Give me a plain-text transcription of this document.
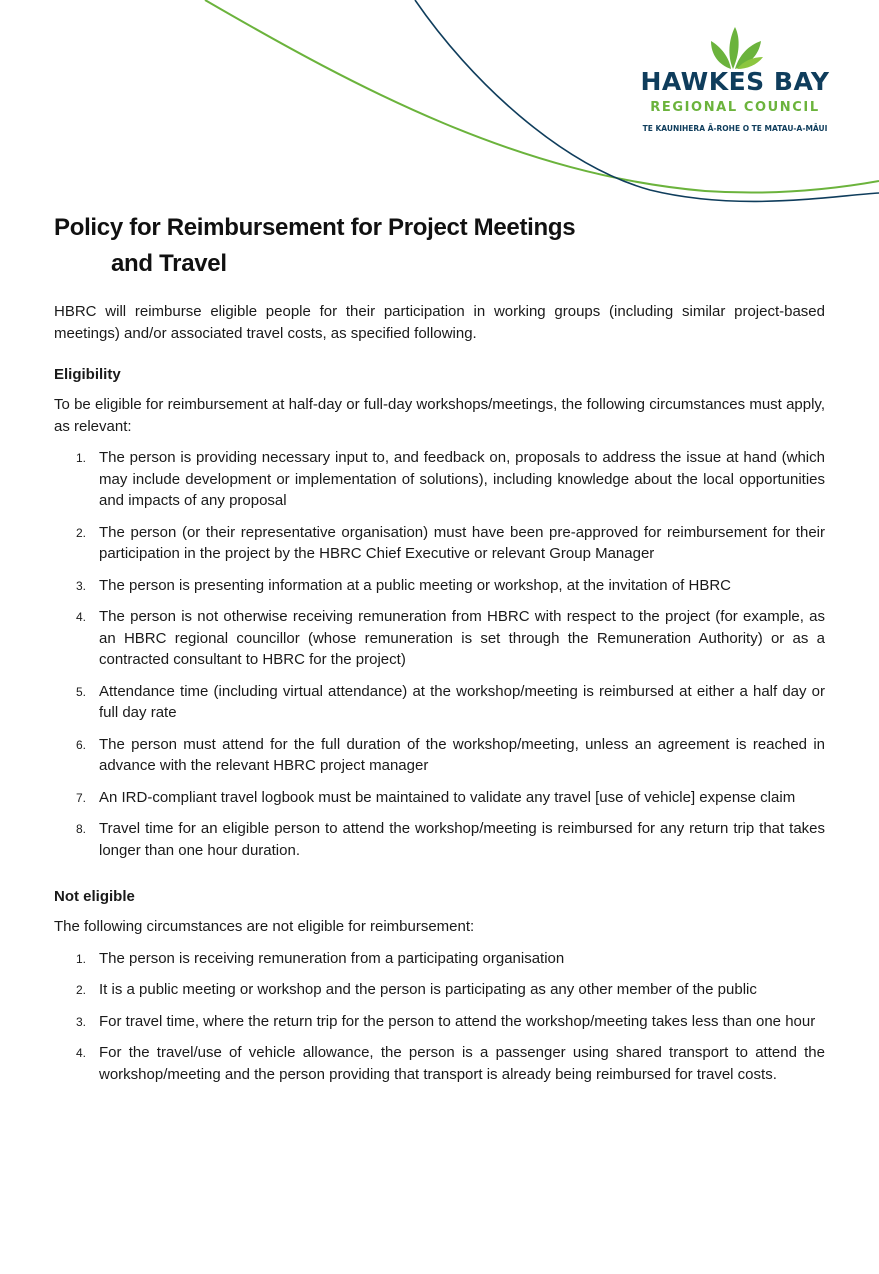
HAWKES BAY
REGIONAL COUNCIL
TE KAUNIHERA Ā-ROHE O TE MATAU-A-MĀUI
Policy for Reimbursement for Project Meetings
and Travel

HBRC will reimburse eligible people for their participation in working groups (including similar project-based meetings) and/or associated travel costs, as specified following.

Eligibility

To be eligible for reimbursement at half-day or full-day workshops/meetings, the following circumstances must apply, as relevant:

1. The person is providing necessary input to, and feedback on, proposals to address the issue at hand (which may include development or implementation of solutions), including knowledge about the local opportunities and impacts of any proposal
2. The person (or their representative organisation) must have been pre-approved for reimbursement for their participation in the project by the HBRC Chief Executive or relevant Group Manager
3. The person is presenting information at a public meeting or workshop, at the invitation of HBRC
4. The person is not otherwise receiving remuneration from HBRC with respect to the project (for example, as an HBRC regional councillor (whose remuneration is set through the Remuneration Authority) or as a contracted consultant to HBRC for the project)
5. Attendance time (including virtual attendance) at the workshop/meeting is reimbursed at either a half day or full day rate
6. The person must attend for the full duration of the workshop/meeting, unless an agreement is reached in advance with the relevant HBRC project manager
7. An IRD-compliant travel logbook must be maintained to validate any travel [use of vehicle] expense claim
8. Travel time for an eligible person to attend the workshop/meeting is reimbursed for any return trip that takes longer than one hour duration.
Not eligible

The following circumstances are not eligible for reimbursement:

1. The person is receiving remuneration from a participating organisation
2. It is a public meeting or workshop and the person is participating as any other member of the public
3. For travel time, where the return trip for the person to attend the workshop/meeting takes less than one hour
4. For the travel/use of vehicle allowance, the person is a passenger using shared transport to attend the workshop/meeting and the person providing that transport is already being reimbursed for travel costs.
